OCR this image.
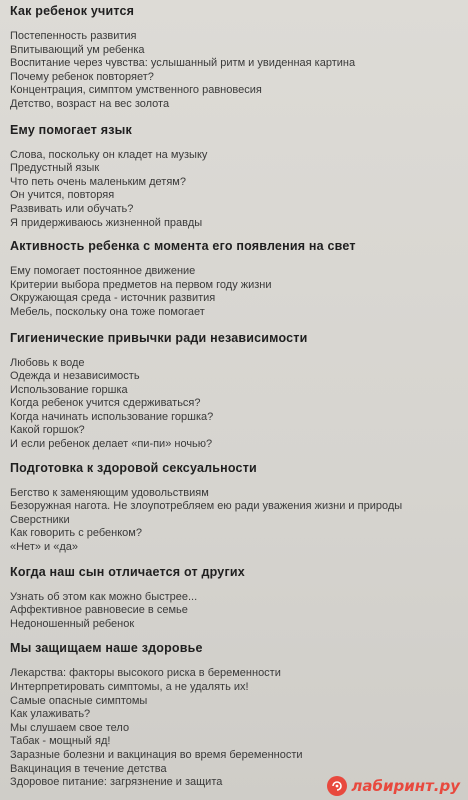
Как ребенок учится
Постепенность развития
Впитывающий ум ребенка
Воспитание через чувства: услышанный ритм и увиденная картина
Почему ребенок повторяет?
Концентрация, симптом умственного равновесия
Детство, возраст на вес золота
Ему помогает язык
Слова, поскольку он кладет на музыку
Предустный язык
Что петь очень маленьким детям?
Он учится, повторяя
Развивать или обучать?
Я придерживаюсь жизненной правды
Активность ребенка с момента его появления на свет
Ему помогает постоянное движение
Критерии выбора предметов на первом году жизни
Окружающая среда - источник развития
Мебель, поскольку она тоже помогает
Гигиенические привычки ради независимости
Любовь к воде
Одежда и независимость
Использование горшка
Когда ребенок учится сдерживаться?
Когда начинать использование горшка?
Какой горшок?
И если ребенок делает «пи-пи» ночью?
Подготовка к здоровой сексуальности
Бегство к заменяющим удовольствиям
Безоружная нагота. Не злоупотребляем ею ради уважения жизни и природы
Сверстники
Как говорить с ребенком?
«Нет» и «да»
Когда наш сын отличается от других
Узнать об этом как можно быстрее...
Аффективное равновесие в семье
Недоношенный ребенок
Мы защищаем наше здоровье
Лекарства: факторы высокого риска в беременности
Интерпретировать симптомы, а не удалять их!
Самые опасные симптомы
Как улаживать?
Мы слушаем свое тело
Табак - мощный яд!
Заразные болезни и вакцинация во время беременности
Вакцинация в течение детства
Здоровое питание: загрязнение и защита	лабиринт.ру
